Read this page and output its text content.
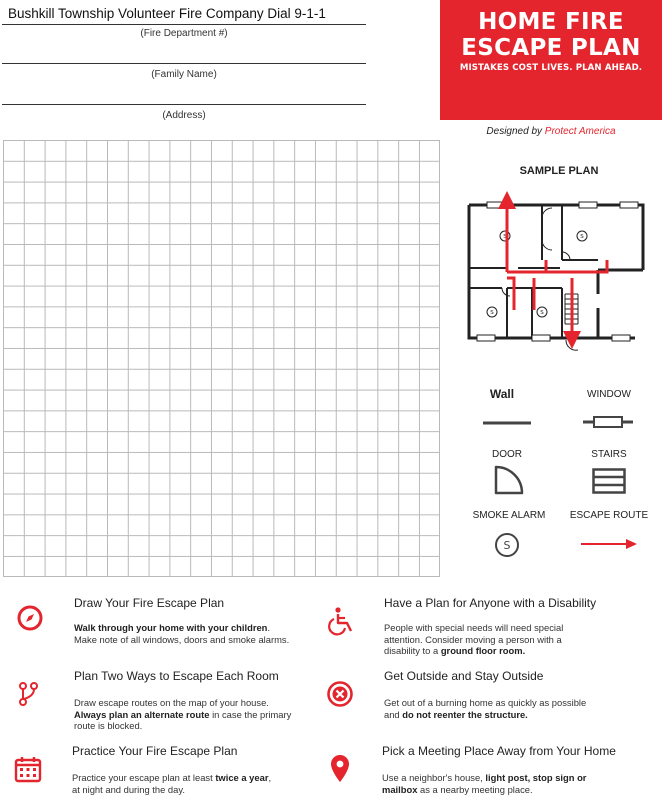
Bushkill Township Volunteer Fire Company Dial 9-1-1
(Fire Department #)
(Family Name)
(Address)
HOME FIRE
ESCAPE PLAN
MISTAKES COST LIVES. PLAN AHEAD.
Designed by Protect America
SAMPLE PLAN
S	S
S	S
Wall	WINDOW
DOOR	STAIRS
SMOKE ALARM
S
ESCAPE ROUTE
Draw Your Fire Escape Plan
Walk through your home with your children.
Make note of all windows, doors and smoke alarms.
Plan Two Ways to Escape Each Room
Draw escape routes on the map of your house.
Always plan an alternate route in case the primary route is blocked.
Practice Your Fire Escape Plan
Practice your escape plan at least twice a year,
at night and during the day.
Have a Plan for Anyone with a Disability
People with special needs will need special attention. Consider moving a person with a disability to a ground floor room.
Get Outside and Stay Outside
Get out of a burning home as quickly as possible
and do not reenter the structure.
Pick a Meeting Place Away from Your Home
Use a neighbor's house, light post, stop sign or
mailbox as a nearby meeting place.
